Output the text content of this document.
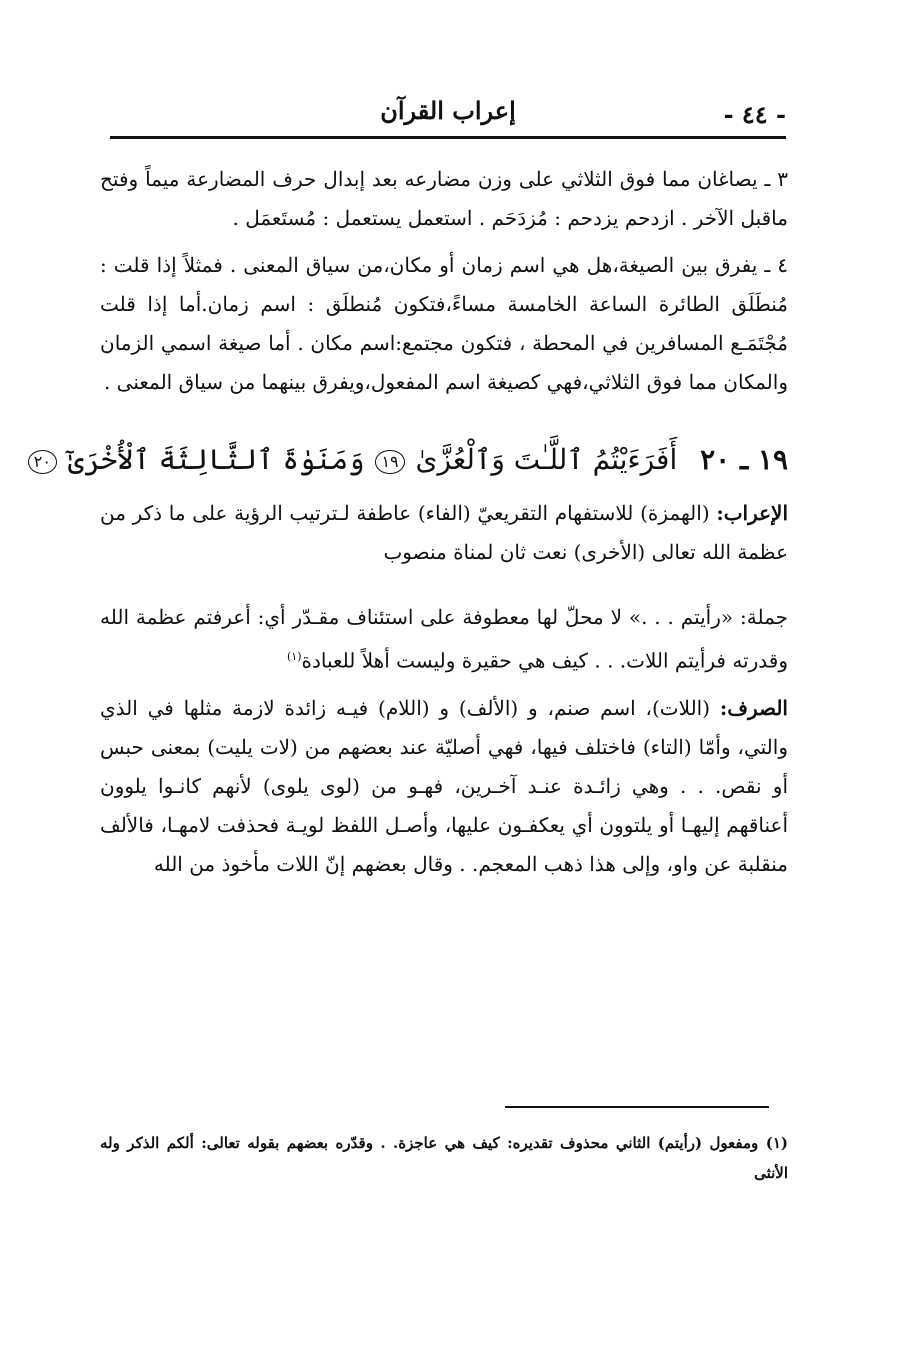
- ٤٤ -
إعراب القرآن

٣ ـ يصاغان مما فوق الثلاثي على وزن مضارعه بعد إبدال حرف المضارعة ميماً وفتح ماقبل الآخر . ازدحم يزدحم : مُزدَحَم . استعمل يستعمل : مُستَعمَل .

٤ ـ يفرق بين الصيغة،هل هي اسم زمان أو مكان،من سياق المعنى . فمثلاً إذا قلت : مُنطَلَق الطائرة الساعة الخامسة مساءً،فتكون مُنطلَق : اسم زمان.أما إذا قلت مُجْتَمَـع المسافرين في المحطة ، فتكون مجتمع:اسم مكان . أما صيغة اسمي الزمان والمكان مما فوق الثلاثي،فهي كصيغة اسم المفعول،ويفرق بينهما من سياق المعنى .

١٩ ـ ٢٠ أَفَرَءَيْتُمُ ٱللَّـٰتَ وَٱلْعُزَّىٰ ١٩ وَمَنَوٰةَ ٱلثَّالِثَةَ ٱلْأُخْرَىٰٓ ٢٠

الإعراب: (الهمزة) للاستفهام التقريعيّ (الفاء) عاطفة لـترتيب الرؤية على ما ذكر من عظمة الله تعالى (الأخرى) نعت ثان لمناة منصوب

جملة: «رأيتم . . .» لا محلّ لها معطوفة على استئناف مقـدّر أي: أعرفتم عظمة الله وقدرته فرأيتم اللات. . . كيف هي حقيرة وليست أهلاً للعبادة$^{(١)}$

الصرف: (اللات)، اسم صنم، و (الألف) و (اللام) فيـه زائدة لازمة مثلها في الذي والتي، وأمّا (التاء) فاختلف فيها، فهي أصليّة عند بعضهم من (لات يليت) بمعنى حبس أو نقص. . . وهي زائـدة عنـد آخـرين، فهـو من (لوى يلوى) لأنهم كانـوا يلوون أعناقهم إليهـا أو يلتوون أي يعكفـون عليها، وأصـل اللفظ لويـة فحذفت لامهـا، فالألف منقلبة عن واو، وإلى هذا ذهب المعجم. . وقال بعضهم إنّ اللات مأخوذ من الله

(١) ومفعول (رأيتم) الثاني محذوف تقديره: كيف هي عاجزة. . وقدّره بعضهم بقوله تعالى: ألكم الذكر وله الأنثى
